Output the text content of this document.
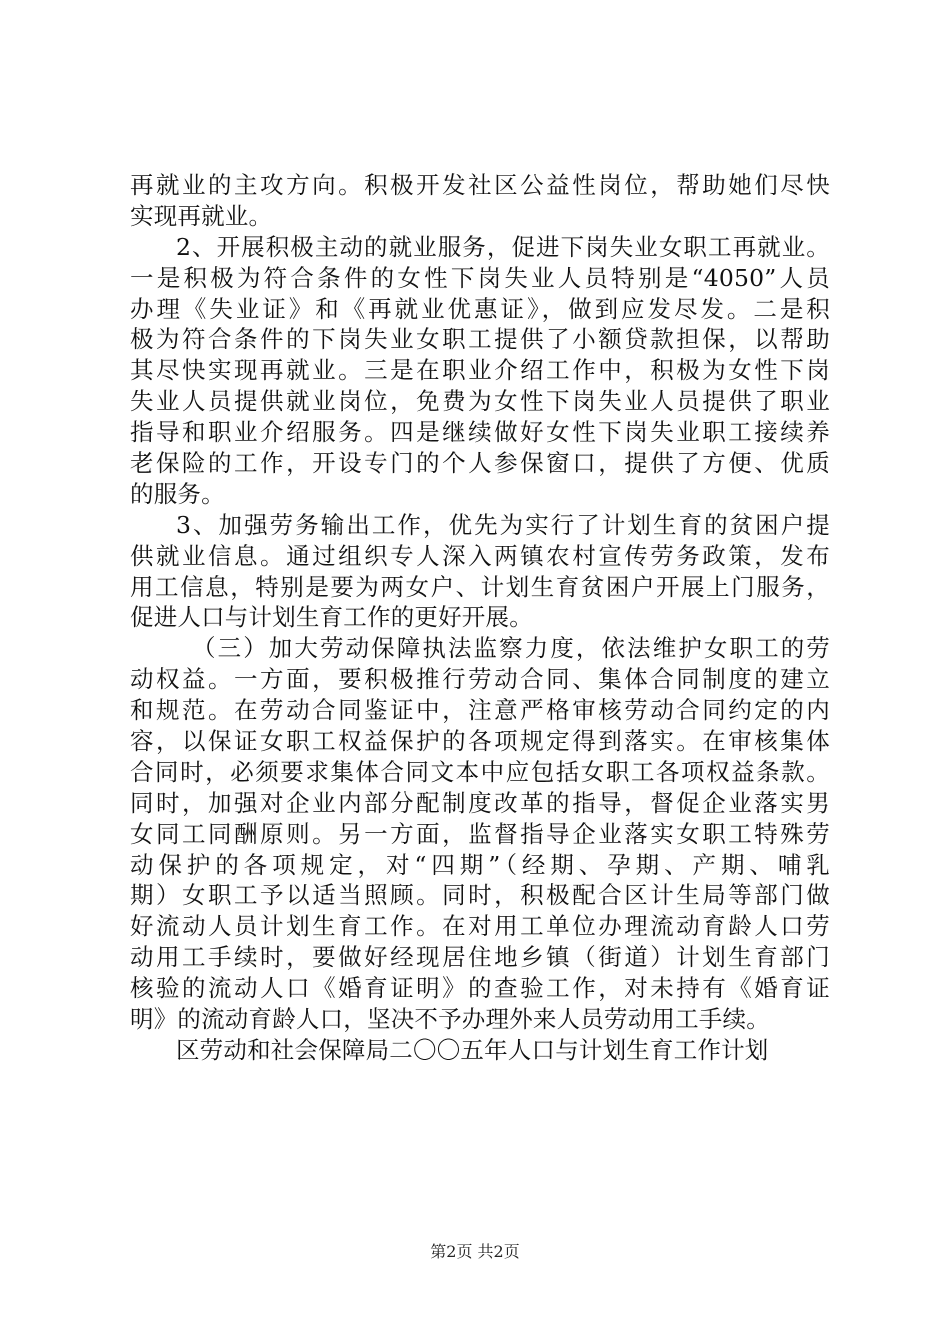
再就业的主攻方向。积极开发社区公益性岗位，帮助她们尽快
实现再就业。
2、开展积极主动的就业服务，促进下岗失业女职工再就业。
一是积极为符合条件的女性下岗失业人员特别是“4050”人员
办理《失业证》和《再就业优惠证》，做到应发尽发。二是积
极为符合条件的下岗失业女职工提供了小额贷款担保，以帮助
其尽快实现再就业。三是在职业介绍工作中，积极为女性下岗
失业人员提供就业岗位，免费为女性下岗失业人员提供了职业
指导和职业介绍服务。四是继续做好女性下岗失业职工接续养
老保险的工作，开设专门的个人参保窗口，提供了方便、优质
的服务。
3、加强劳务输出工作，优先为实行了计划生育的贫困户提
供就业信息。通过组织专人深入两镇农村宣传劳务政策，发布
用工信息，特别是要为两女户、计划生育贫困户开展上门服务，
促进人口与计划生育工作的更好开展。
（三）加大劳动保障执法监察力度，依法维护女职工的劳
动权益。一方面，要积极推行劳动合同、集体合同制度的建立
和规范。在劳动合同鉴证中，注意严格审核劳动合同约定的内
容，以保证女职工权益保护的各项规定得到落实。在审核集体
合同时，必须要求集体合同文本中应包括女职工各项权益条款。
同时，加强对企业内部分配制度改革的指导，督促企业落实男
女同工同酬原则。另一方面，监督指导企业落实女职工特殊劳
动保护的各项规定，对“四期”（经期、孕期、产期、哺乳
期）女职工予以适当照顾。同时，积极配合区计生局等部门做
好流动人员计划生育工作。在对用工单位办理流动育龄人口劳
动用工手续时，要做好经现居住地乡镇（街道）计划生育部门
核验的流动人口《婚育证明》的查验工作，对未持有《婚育证
明》的流动育龄人口，坚决不予办理外来人员劳动用工手续。
区劳动和社会保障局二〇〇五年人口与计划生育工作计划
第2页 共2页
